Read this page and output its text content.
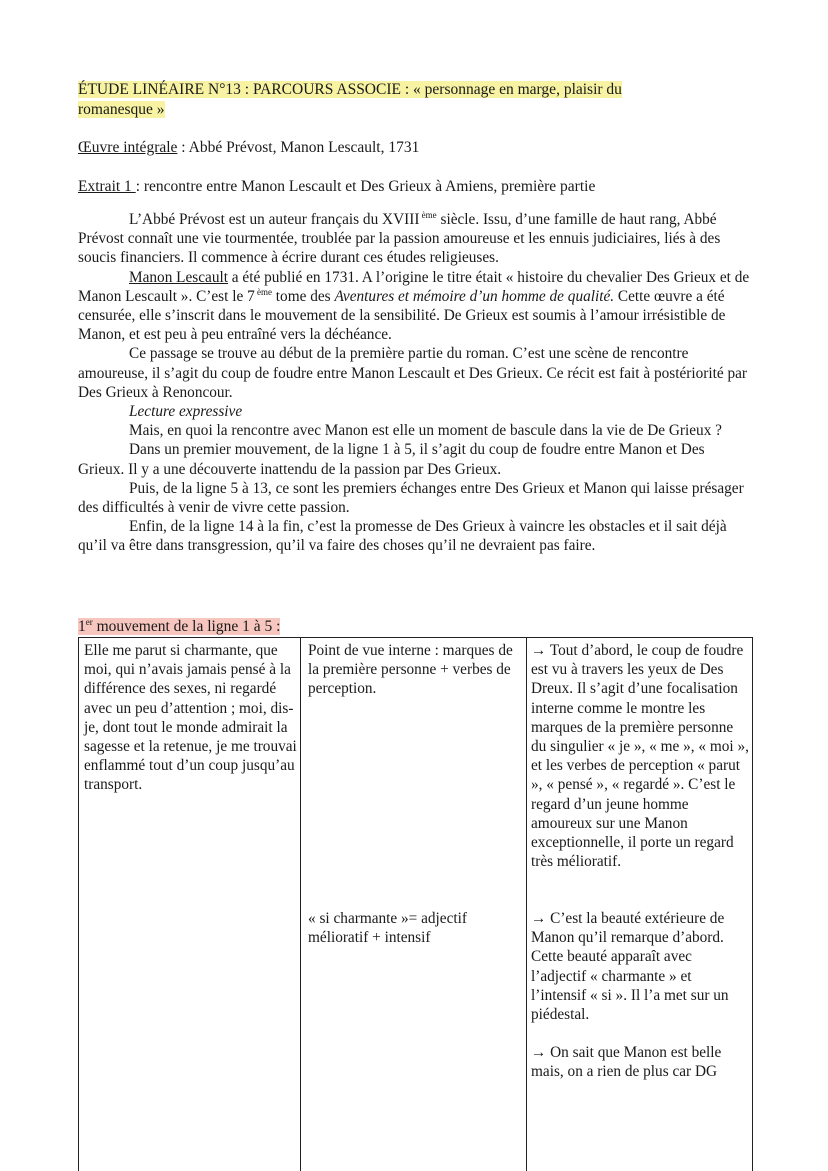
ÉTUDE LINÉAIRE N°13 : PARCOURS ASSOCIE : « personnage en marge, plaisir du romanesque »
Œuvre intégrale : Abbé Prévost, Manon Lescault, 1731
Extrait 1 : rencontre entre Manon Lescault et Des Grieux à Amiens, première partie

L’Abbé Prévost est un auteur français du XVIII $^{ème}$ siècle. Issu, d’une famille de haut rang, Abbé Prévost connaît une vie tourmentée, troublée par la passion amoureuse et les ennuis judiciaires, liés à des soucis financiers. Il commence à écrire durant ces études religieuses.

Manon Lescault a été publié en 1731. A l’origine le titre était « histoire du chevalier Des Grieux et de Manon Lescault ». C’est le 7 $^{ème}$ tome des Aventures et mémoire d’un homme de qualité. Cette œuvre a été censurée, elle s’inscrit dans le mouvement de la sensibilité. De Grieux est soumis à l’amour irrésistible de Manon, et est peu à peu entraîné vers la déchéance.

Ce passage se trouve au début de la première partie du roman. C’est une scène de rencontre amoureuse, il s’agit du coup de foudre entre Manon Lescault et Des Grieux. Ce récit est fait à postériorité par Des Grieux à Renoncour.

Lecture expressive

Mais, en quoi la rencontre avec Manon est elle un moment de bascule dans la vie de De Grieux ?

Dans un premier mouvement, de la ligne 1 à 5, il s’agit du coup de foudre entre Manon et Des Grieux. Il y a une découverte inattendu de la passion par Des Grieux.

Puis, de la ligne 5 à 13, ce sont les premiers échanges entre Des Grieux et Manon qui laisse présager des difficultés à venir de vivre cette passion.

Enfin, de la ligne 14 à la fin, c’est la promesse de Des Grieux à vaincre les obstacles et il sait déjà qu’il va être dans transgression, qu’il va faire des choses qu’il ne devraient pas faire.

1er mouvement de la ligne 1 à 5 :

Elle me parut si charmante, que moi, qui n’avais jamais pensé à la différence des sexes, ni regardé avec un peu d’attention ; moi, dis-je, dont tout le monde admirait la sagesse et la retenue, je me trouvai enflammé tout d’un coup jusqu’au transport.

Point de vue interne : marques de la première personne + verbes de perception.

→ Tout d’abord, le coup de foudre est vu à travers les yeux de Des Dreux. Il s’agit d’une focalisation interne comme le montre les marques de la première personne du singulier « je », « me », « moi », et les verbes de perception « parut », « pensé », « regardé ». C’est le regard d’un jeune homme amoureux sur une Manon exceptionnelle, il porte un regard très mélioratif.

« si charmante »= adjectif mélioratif + intensif

→ C’est la beauté extérieure de Manon qu’il remarque d’abord. Cette beauté apparaît avec l’adjectif « charmante » et l’intensif « si ». Il l’a met sur un piédestal.

→ On sait que Manon est belle mais, on a rien de plus car DG
